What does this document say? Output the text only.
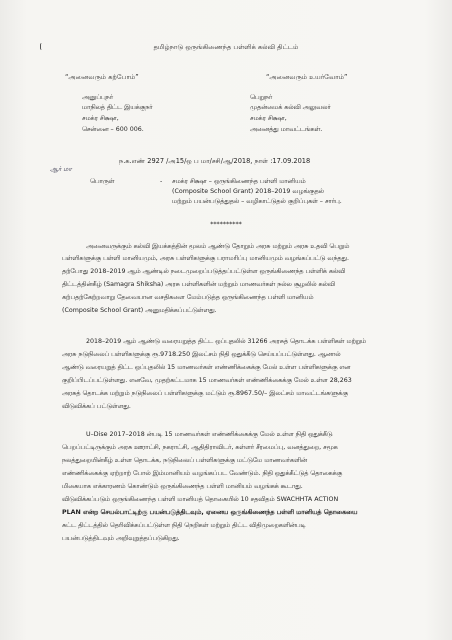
தமிழ்நாடு ஒருங்கிணைந்த பள்ளிக் கல்வி திட்டம்
“அனைவரும் கற்போம்”	“அனைவரும் உயர்வோம்”
அனுப்புநர்
மாநிலத் திட்ட இயக்குநர்
சமக்ர சிக்ஷா,
சென்னை – 600 006.
பெறுநர்
முதன்மைக் கல்வி அலுவலர்
சமக்ர சிக்ஷா,
அனைத்து மாவட்டங்கள்.
ந.க.எண் 2927 /அ15/ஒ ப மா/சசி/ஆ/2018, நாள் :17.09.2018
ஆர் மா
பொருள்	- சமக்ர சிக்ஷா – ஒருங்கிணைந்த பள்ளி மானியம்
(Composite School Grant) 2018–2019 வழங்குதல்
மற்றும் பயன்படுத்துதல் – வழிகாட்டுதல் குறிப்புகள் – சார்பு.
**********
அனைவருக்கும் கல்வி இயக்கத்தின் மூலம் ஆண்டு தோறும் அரசு மற்றும் அரசு உதவி பெறும்
பள்ளிகளுக்கு பள்ளி மானியமும், அரசு பள்ளிகளுக்கு பராமரிப்பு மானியமும் வழங்கப்பட்டு வந்தது.
தற்போது 2018–2019 ஆம் ஆண்டில் நடைமுறைப்படுத்தப்பட்டுள்ள ஒருங்கிணைந்த பள்ளிக் கல்வி
திட்டத்தின்கீழ் (Samagra Shiksha) அரசு பள்ளிகளின் மற்றும் மாணவர்கள் நல்ல சூழலில் கல்வி
கற்பதற்கேற்றவாறு தேவையான வசதிகளை மேம்படுத்த ஒருங்கிணைந்த பள்ளி மானியம்
(Composite School Grant) அனுமதிக்கப்பட்டுள்ளது.
2018–2019 ஆம் ஆண்டு வரையறுத்த திட்ட ஒப்புதலில் 31266 அரசுத் தொடக்க பள்ளிகள் மற்றும்
அரசு நடுநிலைப் பள்ளிகளுக்கு ரூ.9718.250 இலட்சம் நிதி ஒதுக்கீடு செய்யப்பட்டுள்ளது. ஆனால்
ஆண்டு வரையறுத் திட்ட ஒப்புதலில் 15 மாணவர்கள் எண்ணிக்கைக்கு மேல் உள்ள பள்ளிகளுக்கு என
குறிப்பிடப்பட்டுள்ளது. எனவே, முதற்கட்டமாக 15 மாணவர்கள் எண்ணிக்கைக்கு மேல் உள்ள 28,263
அரசுத் தொடக்க மற்றும் நடுநிலைப் பள்ளிகளுக்கு மட்டும் ரூ.8967.50/– இலட்சம் மாவட்டங்களுக்கு
விடுவிக்கப் பட்டுள்ளது.
U–Dise 2017–2018 ன்படி 15 மாணவர்கள் எண்ணிக்கைக்கு மேல் உள்ள நிதி ஒதுக்கீடு
பெறப்பட்டிருக்கும் அரசு ஊராட்சி, நகராட்சி, ஆதிதிராவிடர், கள்ளர் சீரமைப்பு, வனத்துறை, சமூக
நலத்துறையின்கீழ் உள்ள தொடக்க, நடுநிலைப் பள்ளிகளுக்கு மட்டுமே மாணவர்களின்
எண்ணிக்கைக்கு ஏற்றாற் போல் இம்மானியம் வழங்கப்பட வேண்டும். நிதி ஒதுக்கீட்டுத் தொகைக்கு
மிகையாக எக்காரணம் கொண்டும் ஒருங்கிணைந்த பள்ளி மானியம் வழங்கக் கூடாது.
விடுவிக்கப்படும் ஒருங்கிணைந்த பள்ளி மானியத் தொகையில் 10 சதவிதம் SWACHHTA ACTION
PLAN என்ற செயல்பாட்டிற்கு பயன்படுத்திடவும், ஏனைய ஒருங்கிணைந்த பள்ளி மானியத் தொகையை
சுட்ட திட்டத்தில் தெரிவிக்கப்பட்டுள்ள நிதி நெறிகள் மற்றும் திட்ட விதிமுறைகளின்படி
பயன்படுத்திடவும் அறிவுறுத்தப்படுகிறது.
